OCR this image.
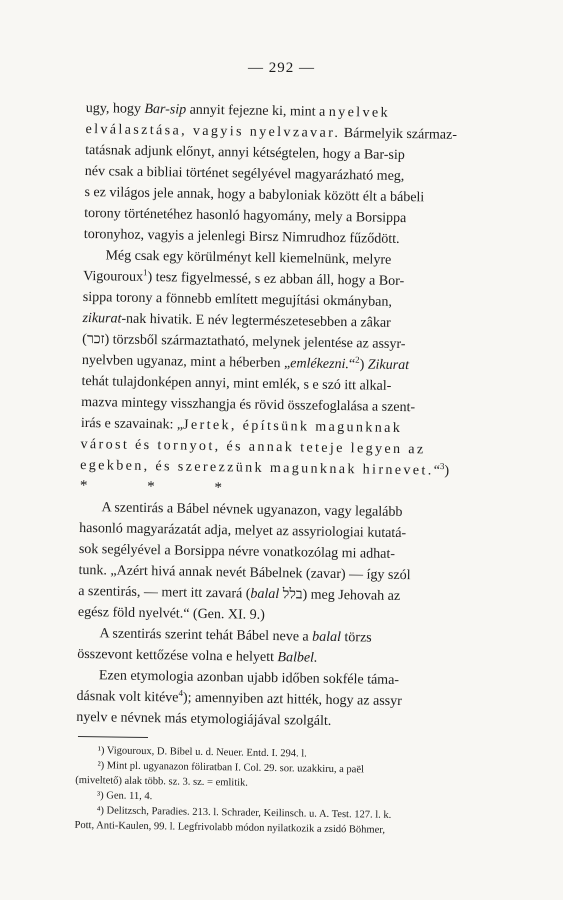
— 292 —

ugy, hogy Bar-sip annyit fejezne ki, mint a nyelvek

elválasztása, vagyis nyelvzavar. Bármelyik származ-

tatásnak adjunk előnyt, annyi kétségtelen, hogy a Bar-sip

név csak a bibliai történet segélyével magyarázható meg,

s ez világos jele annak, hogy a babyloniak között élt a bábeli

torony történetéhez hasonló hagyomány, mely a Borsippa

toronyhoz, vagyis a jelenlegi Birsz Nimrudhoz fűződött.

Még csak egy körülményt kell kiemelnünk, melyre

Vigouroux$^1$) tesz figyelmessé, s ez abban áll, hogy a Bor-

sippa torony a fönnebb említett megujítási okmányban,

zikurat-nak hivatik. E név legtermészetesebben a zâkar

(זכר) törzsből származtatható, melynek jelentése az assyr-

nyelvben ugyanaz, mint a héberben „emlékezni.“$^2$) Zikurat

tehát tulajdonképen annyi, mint emlék, s e szó itt alkal-

mazva mintegy visszhangja és rövid összefoglalása a szent-

irás e szavainak: „Jertek, építsünk magunknak

várost és tornyot, és annak teteje legyen az

egekben, és szerezzünk magunknak hirnevet.“$^3$)

* * *

A szentirás a Bábel névnek ugyanazon, vagy legalább

hasonló magyarázatát adja, melyet az assyriologiai kutatá-

sok segélyével a Borsippa névre vonatkozólag mi adhat-

tunk. „Azért hivá annak nevét Bábelnek (zavar) — így szól

a szentirás, — mert itt zavará (balal בלל) meg Jehovah az

egész föld nyelvét.“ (Gen. XI. 9.)

A szentirás szerint tehát Bábel neve a balal törzs

összevont kettőzése volna e helyett Balbel.

Ezen etymologia azonban ujabb időben sokféle táma-

dásnak volt kitéve$^4$); amennyiben azt hitték, hogy az assyr

nyelv e névnek más etymologiájával szolgált.

¹) Vigouroux, D. Bibel u. d. Neuer. Entd. I. 294. l.

²) Mint pl. ugyanazon föliratban I. Col. 29. sor. uzakkiru, a paël

(miveltető) alak több. sz. 3. sz. = emlitik.

³) Gen. 11, 4.

⁴) Delitzsch, Paradies. 213. l. Schrader, Keilinsch. u. A. Test. 127. l. k.

Pott, Anti-Kaulen, 99. l. Legfrivolabb módon nyilatkozik a zsidó Böhmer,
